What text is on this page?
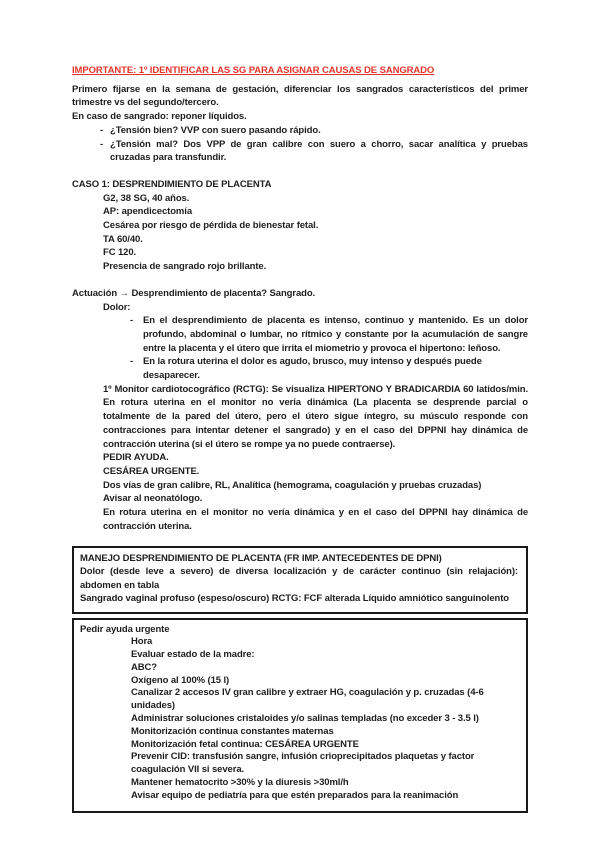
IMPORTANTE: 1º IDENTIFICAR LAS SG PARA ASIGNAR CAUSAS DE SANGRADO

Primero fijarse en la semana de gestación, diferenciar los sangrados característicos del primer trimestre vs del segundo/tercero.

En caso de sangrado: reponer líquidos.

- ¿Tensión bien? VVP con suero pasando rápido.
- ¿Tensión mal? Dos VPP de gran calibre con suero a chorro, sacar analítica y pruebas cruzadas para transfundir.

CASO 1: DESPRENDIMIENTO DE PLACENTA

G2, 38 SG, 40 años.

AP: apendicectomía

Cesárea por riesgo de pérdida de bienestar fetal.

TA 60/40.

FC 120.

Presencia de sangrado rojo brillante.

Actuación → Desprendimiento de placenta? Sangrado.

Dolor:

-	En el desprendimiento de placenta es intenso, continuo y mantenido. Es un dolor profundo, abdominal o lumbar, no rítmico y constante por la acumulación de sangre entre la placenta y el útero que irrita el miometrio y provoca el hipertono: leñoso.
-	En la rotura uterina el dolor es agudo, brusco, muy intenso y después puede desaparecer.

1º Monitor cardiotocográfico (RCTG): Se visualiza HIPERTONO Y BRADICARDIA 60 latidos/min. En rotura uterina en el monitor no vería dinámica (La placenta se desprende parcial o totalmente de la pared del útero, pero el útero sigue íntegro, su músculo responde con contracciones para intentar detener el sangrado) y en el caso del DPPNI hay dinámica de contracción uterina (si el útero se rompe ya no puede contraerse).

PEDIR AYUDA.

CESÁREA URGENTE.

Dos vías de gran calibre, RL, Analítica (hemograma, coagulación y pruebas cruzadas)

Avisar al neonatólogo.

En rotura uterina en el monitor no vería dinámica y en el caso del DPPNI hay dinámica de contracción uterina.

MANEJO DESPRENDIMIENTO DE PLACENTA (FR IMP. ANTECEDENTES DE DPNI)

Dolor (desde leve a severo) de diversa localización y de carácter continuo (sin relajación): abdomen en tabla

Sangrado vaginal profuso (espeso/oscuro) RCTG: FCF alterada Líquido amniótico sanguinolento

Pedir ayuda urgente

Hora

Evaluar estado de la madre:

ABC?

Oxígeno al 100% (15 l)

Canalizar 2 accesos IV gran calibre y extraer HG, coagulación y p. cruzadas (4-6 unidades)

Administrar soluciones cristaloides y/o salinas templadas (no exceder 3 - 3.5 l)

Monitorización continua constantes maternas

Monitorización fetal continua: CESÁREA URGENTE

Prevenir CID: transfusión sangre, infusión crioprecipitados plaquetas y factor coagulación VII si severa.

Mantener hematocrito >30% y la diuresis >30ml/h

Avisar equipo de pediatría para que estén preparados para la reanimación
